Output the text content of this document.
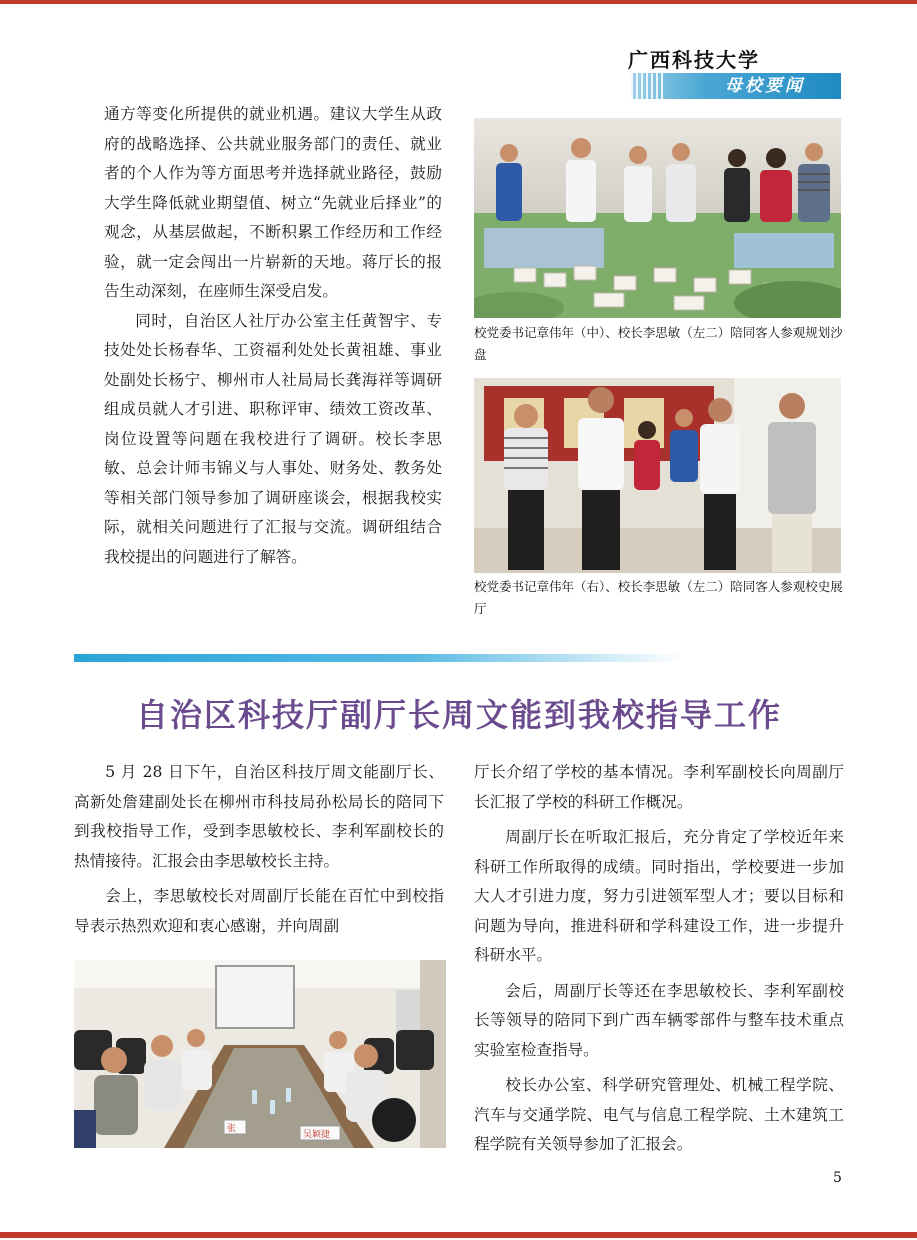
广西科技大学
母校要闻

通方等变化所提供的就业机遇。建议大学生从政府的战略选择、公共就业服务部门的责任、就业者的个人作为等方面思考并选择就业路径，鼓励大学生降低就业期望值、树立“先就业后择业”的观念，从基层做起，不断积累工作经历和工作经验，就一定会闯出一片崭新的天地。蒋厅长的报告生动深刻，在座师生深受启发。

同时，自治区人社厅办公室主任黄智宇、专技处处长杨春华、工资福利处处长黄祖雄、事业处副处长杨宁、柳州市人社局局长龚海祥等调研组成员就人才引进、职称评审、绩效工资改革、岗位设置等问题在我校进行了调研。校长李思敏、总会计师韦锦义与人事处、财务处、教务处等相关部门领导参加了调研座谈会，根据我校实际，就相关问题进行了汇报与交流。调研组结合我校提出的问题进行了解答。

校党委书记章伟年（中）、校长李思敏（左二）陪同客人参观规划沙盘

校党委书记章伟年（右）、校长李思敏（左二）陪同客人参观校史展厅

自治区科技厅副厅长周文能到我校指导工作

5 月 28 日下午，自治区科技厅周文能副厅长、高新处詹建副处长在柳州市科技局孙松局长的陪同下到我校指导工作，受到李思敏校长、李利军副校长的热情接待。汇报会由李思敏校长主持。

会上，李思敏校长对周副厅长能在百忙中到校指导表示热烈欢迎和衷心感谢，并向周副

张
吴颖捷

厅长介绍了学校的基本情况。李利军副校长向周副厅长汇报了学校的科研工作概况。

周副厅长在听取汇报后，充分肯定了学校近年来科研工作所取得的成绩。同时指出，学校要进一步加大人才引进力度，努力引进领军型人才；要以目标和问题为导向，推进科研和学科建设工作，进一步提升科研水平。

会后，周副厅长等还在李思敏校长、李利军副校长等领导的陪同下到广西车辆零部件与整车技术重点实验室检查指导。

校长办公室、科学研究管理处、机械工程学院、汽车与交通学院、电气与信息工程学院、土木建筑工程学院有关领导参加了汇报会。

5
